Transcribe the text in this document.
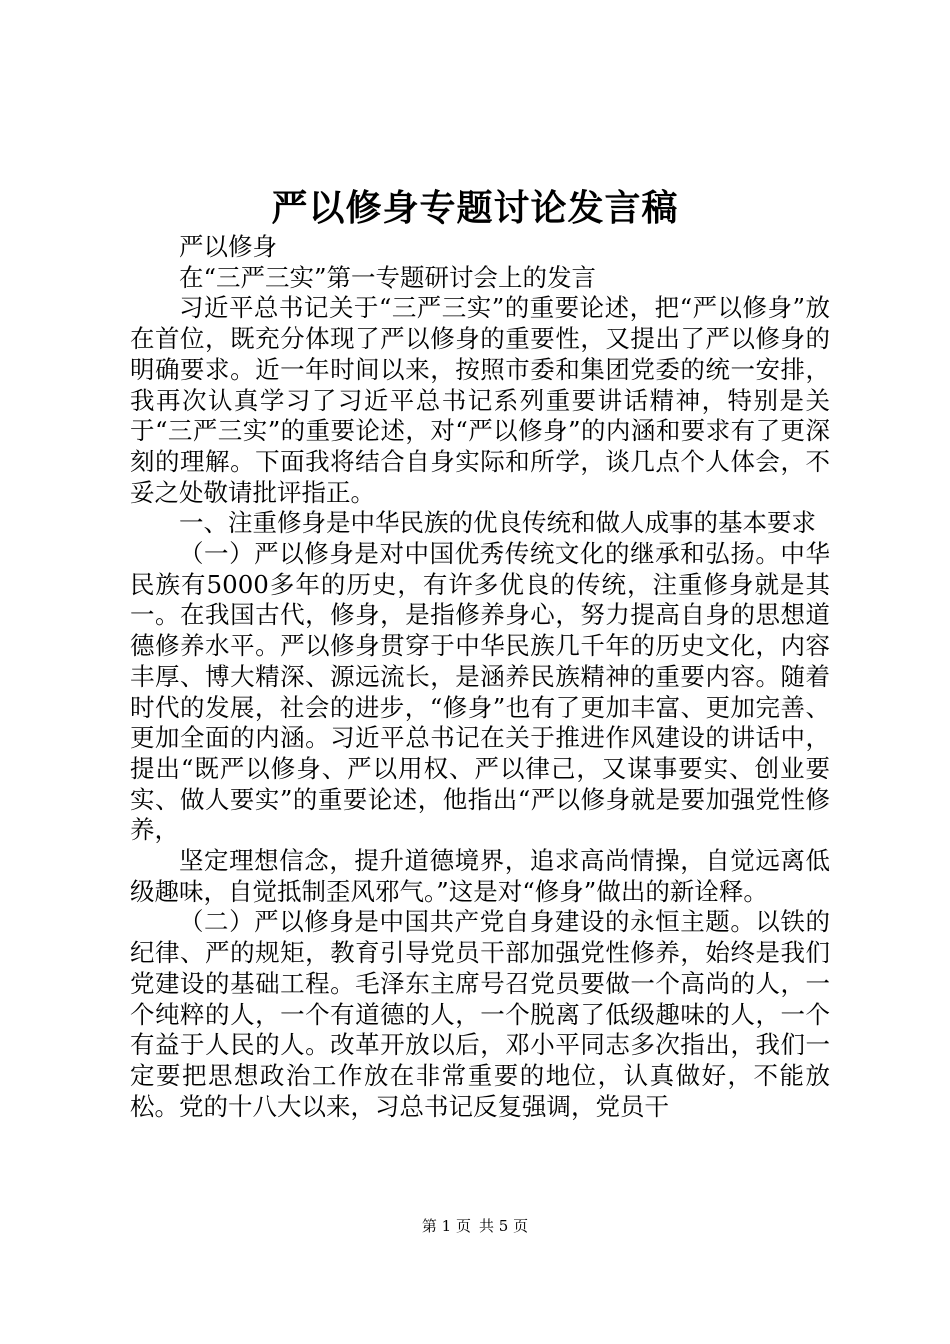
严以修身专题讨论发言稿

严以修身

在“三严三实”第一专题研讨会上的发言

习近平总书记关于“三严三实”的重要论述，把“严以修身”放在首位，既充分体现了严以修身的重要性，又提出了严以修身的明确要求。近一年时间以来，按照市委和集团党委的统一安排，我再次认真学习了习近平总书记系列重要讲话精神，特别是关于“三严三实”的重要论述，对“严以修身”的内涵和要求有了更深刻的理解。下面我将结合自身实际和所学，谈几点个人体会，不妥之处敬请批评指正。

一、注重修身是中华民族的优良传统和做人成事的基本要求

（一）严以修身是对中国优秀传统文化的继承和弘扬。中华民族有5000多年的历史，有许多优良的传统，注重修身就是其一。在我国古代，修身，是指修养身心，努力提高自身的思想道德修养水平。严以修身贯穿于中华民族几千年的历史文化，内容丰厚、博大精深、源远流长，是涵养民族精神的重要内容。随着时代的发展，社会的进步，“修身”也有了更加丰富、更加完善、更加全面的内涵。习近平总书记在关于推进作风建设的讲话中，提出“既严以修身、严以用权、严以律己，又谋事要实、创业要实、做人要实”的重要论述，他指出“严以修身就是要加强党性修养，

坚定理想信念，提升道德境界，追求高尚情操，自觉远离低级趣味，自觉抵制歪风邪气。”这是对“修身”做出的新诠释。

（二）严以修身是中国共产党自身建设的永恒主题。以铁的纪律、严的规矩，教育引导党员干部加强党性修养，始终是我们党建设的基础工程。毛泽东主席号召党员要做一个高尚的人，一个纯粹的人，一个有道德的人，一个脱离了低级趣味的人，一个有益于人民的人。改革开放以后，邓小平同志多次指出，我们一定要把思想政治工作放在非常重要的地位，认真做好，不能放松。党的十八大以来，习总书记反复强调，党员干

第 1 页 共 5 页
